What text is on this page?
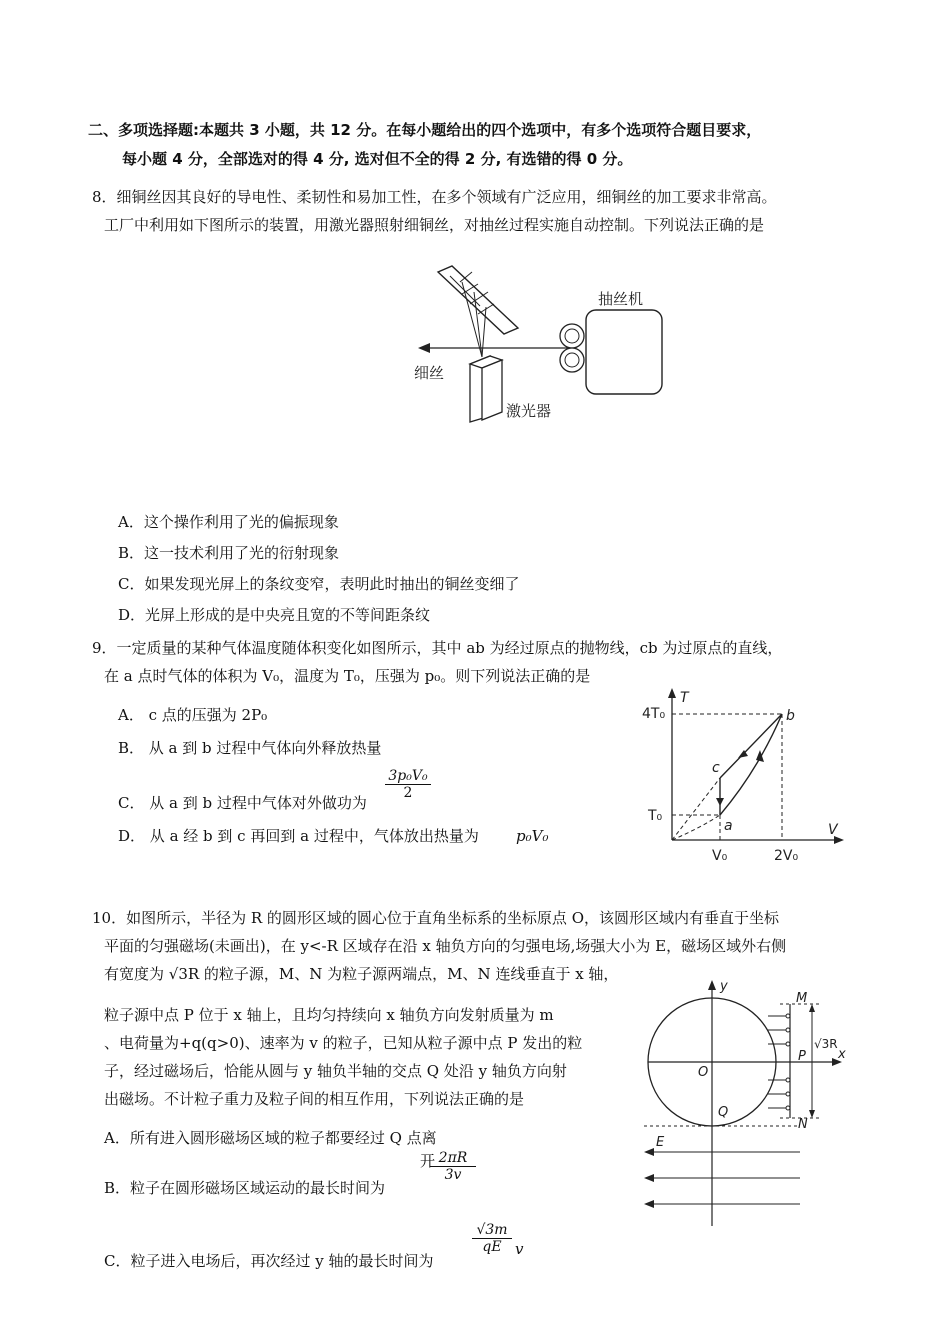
二、多项选择题:本题共 3 小题，共 12 分。在每小题给出的四个选项中，有多个选项符合题目要求，
每小题 4 分，全部选对的得 4 分, 选对但不全的得 2 分, 有选错的得 0 分。
8．细铜丝因其良好的导电性、柔韧性和易加工性，在多个领域有广泛应用，细铜丝的加工要求非常高。
工厂中利用如下图所示的装置，用激光器照射细铜丝，对抽丝过程实施自动控制。下列说法正确的是
抽丝机
细丝
激光器
A．这个操作利用了光的偏振现象
B．这一技术利用了光的衍射现象
C．如果发现光屏上的条纹变窄，表明此时抽出的铜丝变细了
D．光屏上形成的是中央亮且宽的不等间距条纹
9．一定质量的某种气体温度随体积变化如图所示，其中 ab 为经过原点的抛物线，cb 为过原点的直线，
在 a 点时气体的体积为 V₀，温度为 T₀，压强为 p₀。则下列说法正确的是
A． c 点的压强为 2P₀
B． 从 a 到 b 过程中气体向外释放热量
C． 从 a 到 b 过程中气体对外做功为
$\frac{\text{3p₀V₀}}{2}$
D． 从 a 经 b 到 c 再回到 a 过程中，气体放出热量为 p₀V₀
T
V
4T₀
T₀
V₀	2V₀
a
b
c
10．如图所示，半径为 R 的圆形区域的圆心位于直角坐标系的坐标原点 O，该圆形区域内有垂直于坐标
平面的匀强磁场(未画出)，在 y<-R 区域存在沿 x 轴负方向的匀强电场,场强大小为 E，磁场区域外右侧
有宽度为 √3R 的粒子源，M、N 为粒子源两端点，M、N 连线垂直于 x 轴，
粒子源中点 P 位于 x 轴上，且均匀持续向 x 轴负方向发射质量为 m
、电荷量为+q(q>0)、速率为 v 的粒子，已知从粒子源中点 P 发出的粒
子，经过磁场后，恰能从圆与 y 轴负半轴的交点 Q 处沿 y 轴负方向射
出磁场。不计粒子重力及粒子间的相互作用，下列说法正确的是
A．所有进入圆形磁场区域的粒子都要经过 Q 点离
开
B．粒子在圆形磁场区域运动的最长时间为
$\frac{2\pi R}{3v}$
C．粒子进入电场后，再次经过 y 轴的最长时间为
$\frac{√3m}{qE}$ v
y
x
O
Q
M
N
P
√3R
E
